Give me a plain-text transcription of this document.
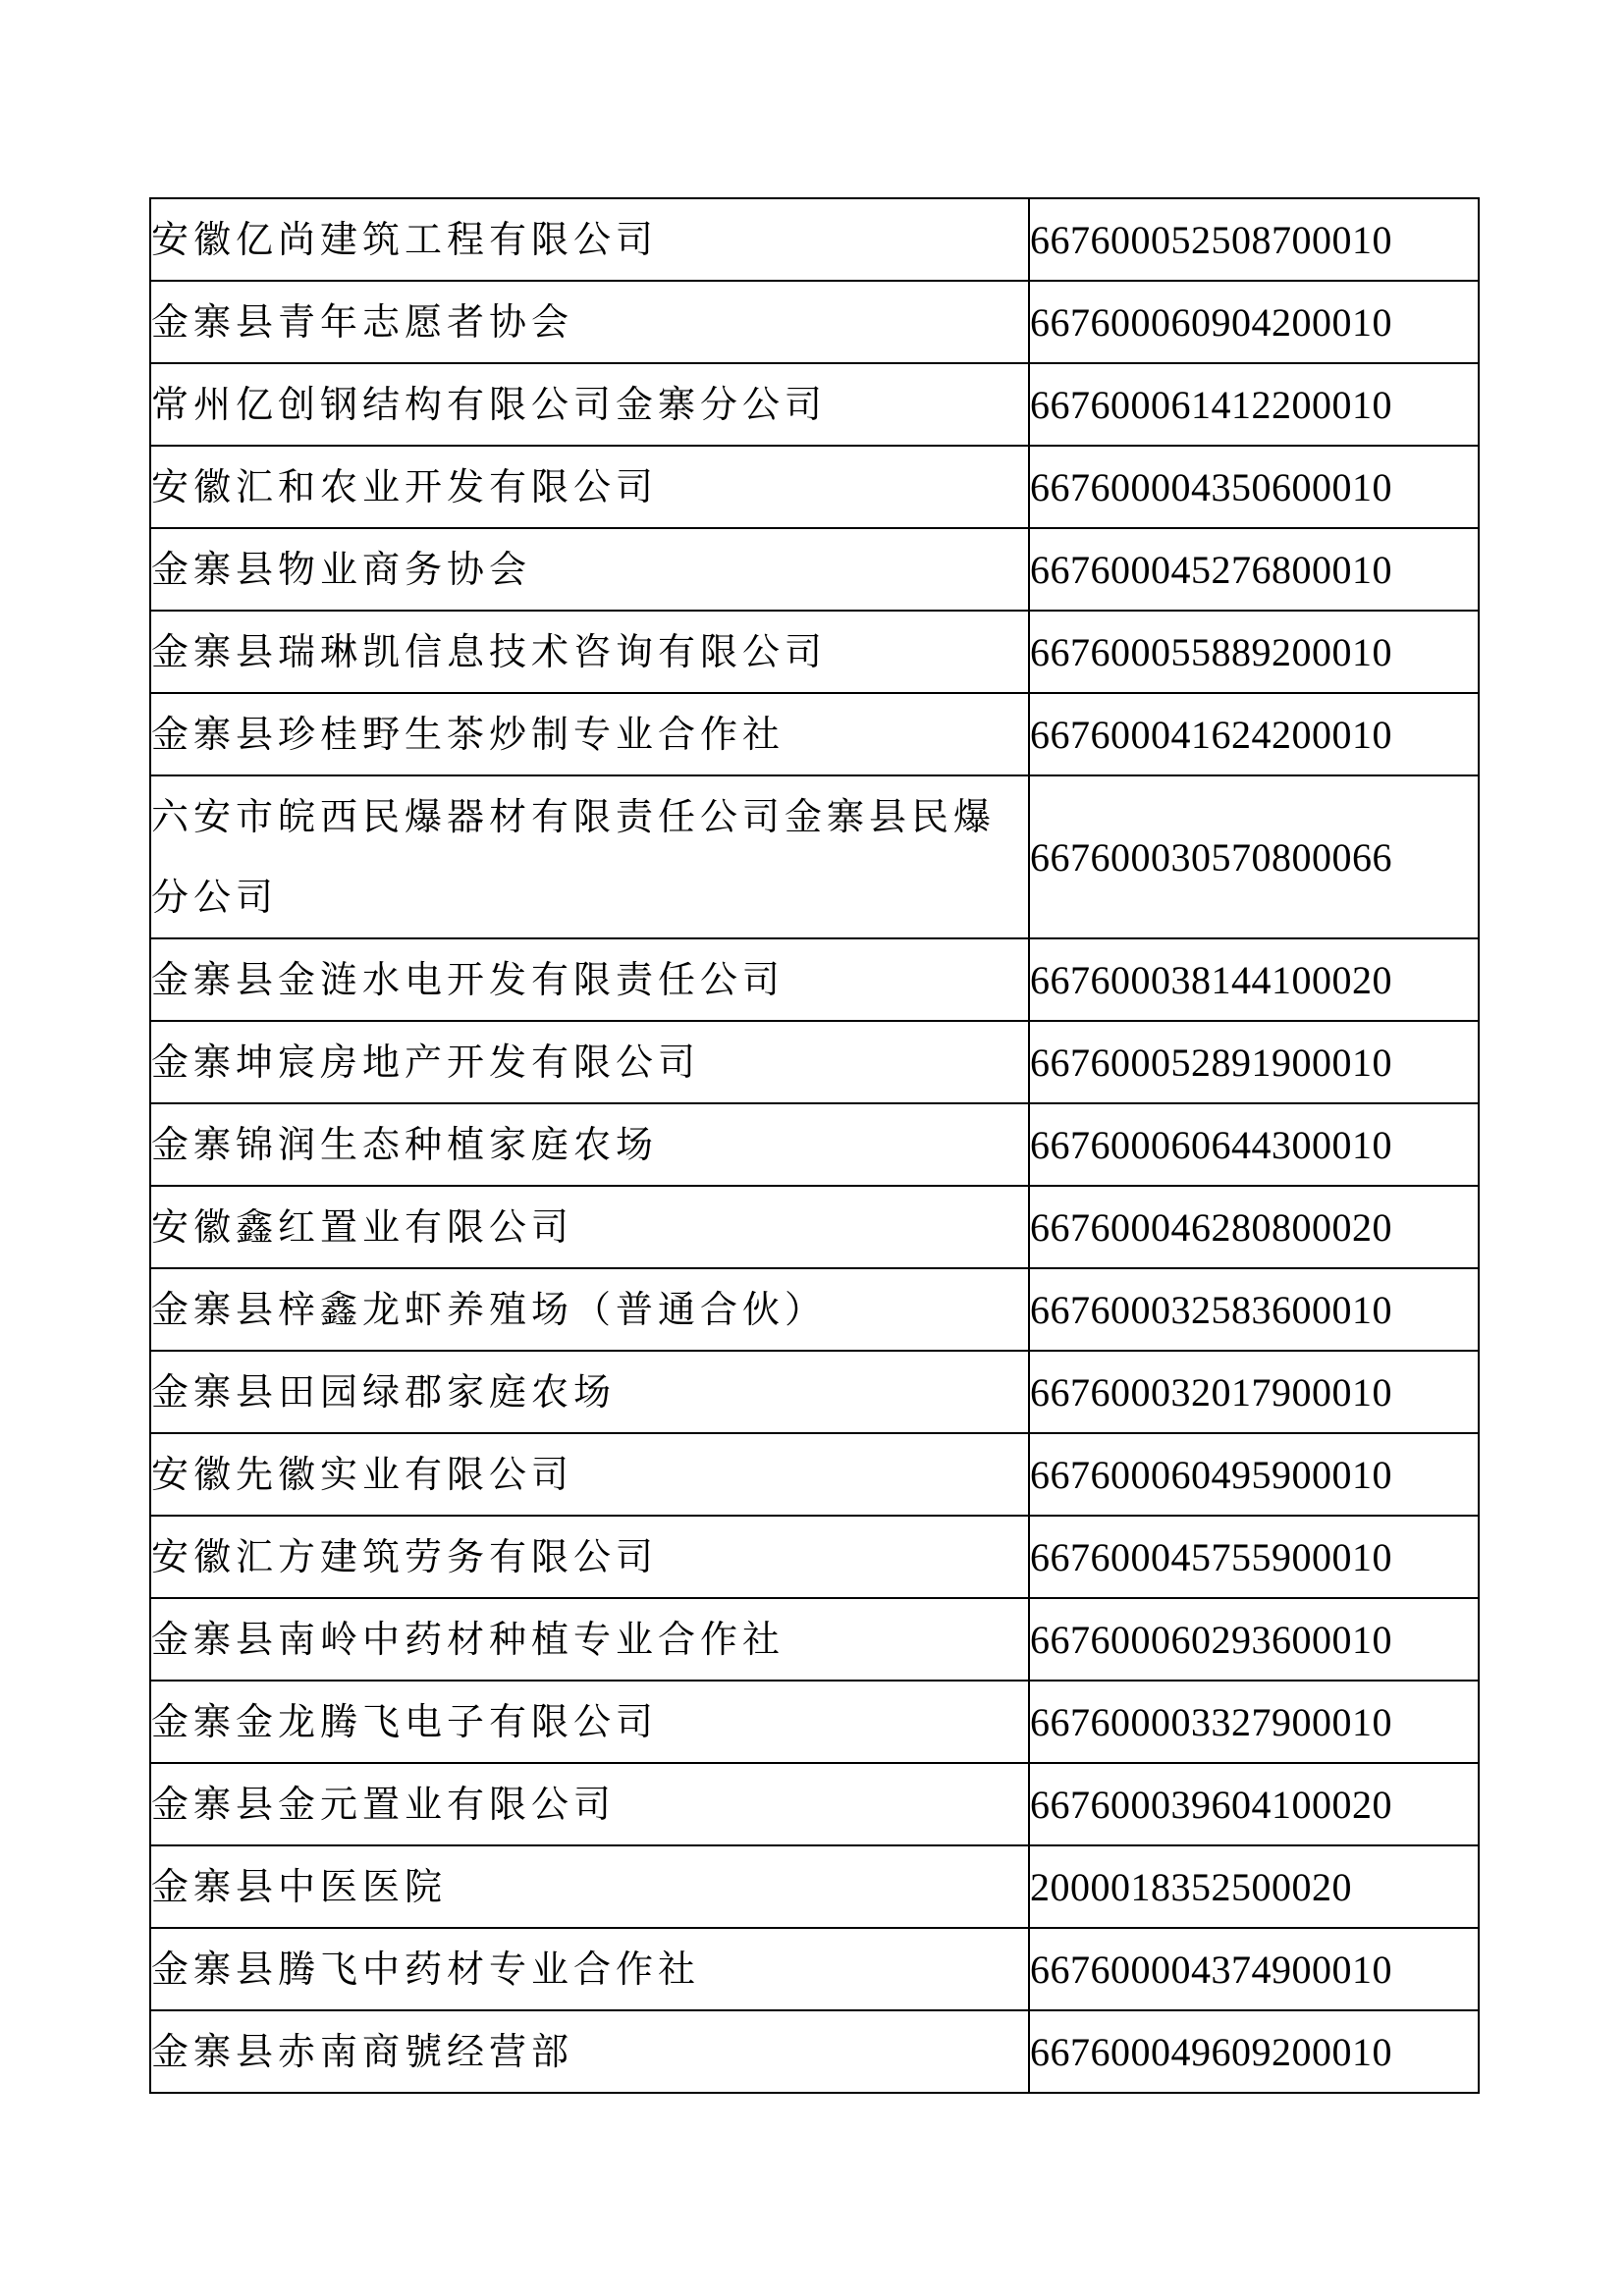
安徽亿尚建筑工程有限公司	667600052508700010
金寨县青年志愿者协会	667600060904200010
常州亿创钢结构有限公司金寨分公司	667600061412200010
安徽汇和农业开发有限公司	667600004350600010
金寨县物业商务协会	667600045276800010
金寨县瑞琳凯信息技术咨询有限公司	667600055889200010
金寨县珍桂野生茶炒制专业合作社	667600041624200010
六安市皖西民爆器材有限责任公司金寨县民爆分公司	667600030570800066
金寨县金涟水电开发有限责任公司	667600038144100020
金寨坤宸房地产开发有限公司	667600052891900010
金寨锦润生态种植家庭农场	667600060644300010
安徽鑫红置业有限公司	667600046280800020
金寨县梓鑫龙虾养殖场（普通合伙）	667600032583600010
金寨县田园绿郡家庭农场	667600032017900010
安徽先徽实业有限公司	667600060495900010
安徽汇方建筑劳务有限公司	667600045755900010
金寨县南岭中药材种植专业合作社	667600060293600010
金寨金龙腾飞电子有限公司	667600003327900010
金寨县金元置业有限公司	667600039604100020
金寨县中医医院	2000018352500020
金寨县腾飞中药材专业合作社	667600004374900010
金寨县赤南商號经营部	667600049609200010
